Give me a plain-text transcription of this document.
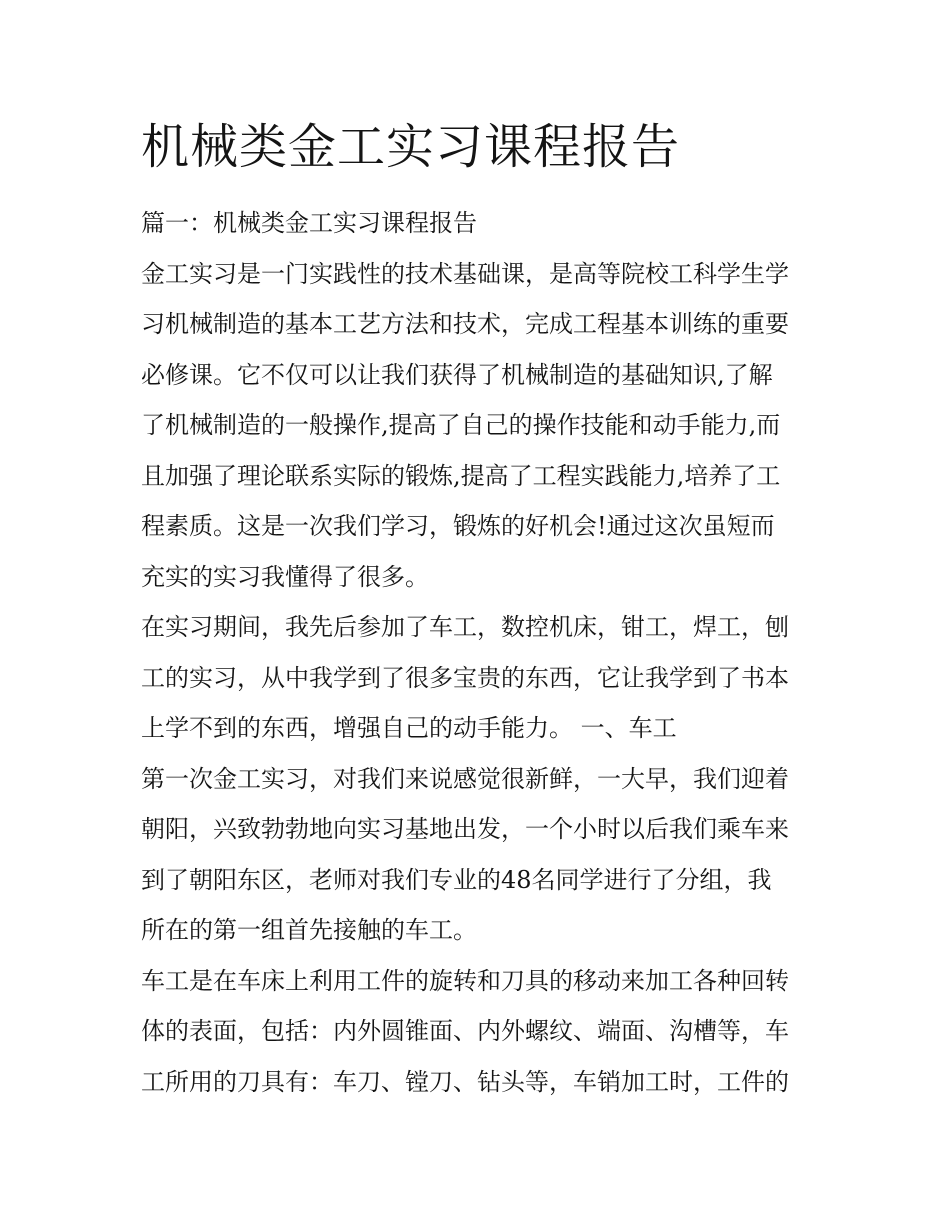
机械类金工实习课程报告

篇一：机械类金工实习课程报告

金工实习是一门实践性的技术基础课，是高等院校工科学生学

习机械制造的基本工艺方法和技术，完成工程基本训练的重要

必修课。它不仅可以让我们获得了机械制造的基础知识,了解

了机械制造的一般操作,提高了自己的操作技能和动手能力,而

且加强了理论联系实际的锻炼,提高了工程实践能力,培养了工

程素质。这是一次我们学习，锻炼的好机会!通过这次虽短而

充实的实习我懂得了很多。

在实习期间，我先后参加了车工，数控机床，钳工，焊工，刨

工的实习，从中我学到了很多宝贵的东西，它让我学到了书本

上学不到的东西，增强自己的动手能力。 一、车工

第一次金工实习，对我们来说感觉很新鲜，一大早，我们迎着

朝阳，兴致勃勃地向实习基地出发，一个小时以后我们乘车来

到了朝阳东区，老师对我们专业的48名同学进行了分组，我

所在的第一组首先接触的车工。

车工是在车床上利用工件的旋转和刀具的移动来加工各种回转

体的表面，包括：内外圆锥面、内外螺纹、端面、沟槽等，车

工所用的刀具有：车刀、镗刀、钻头等，车销加工时，工件的
